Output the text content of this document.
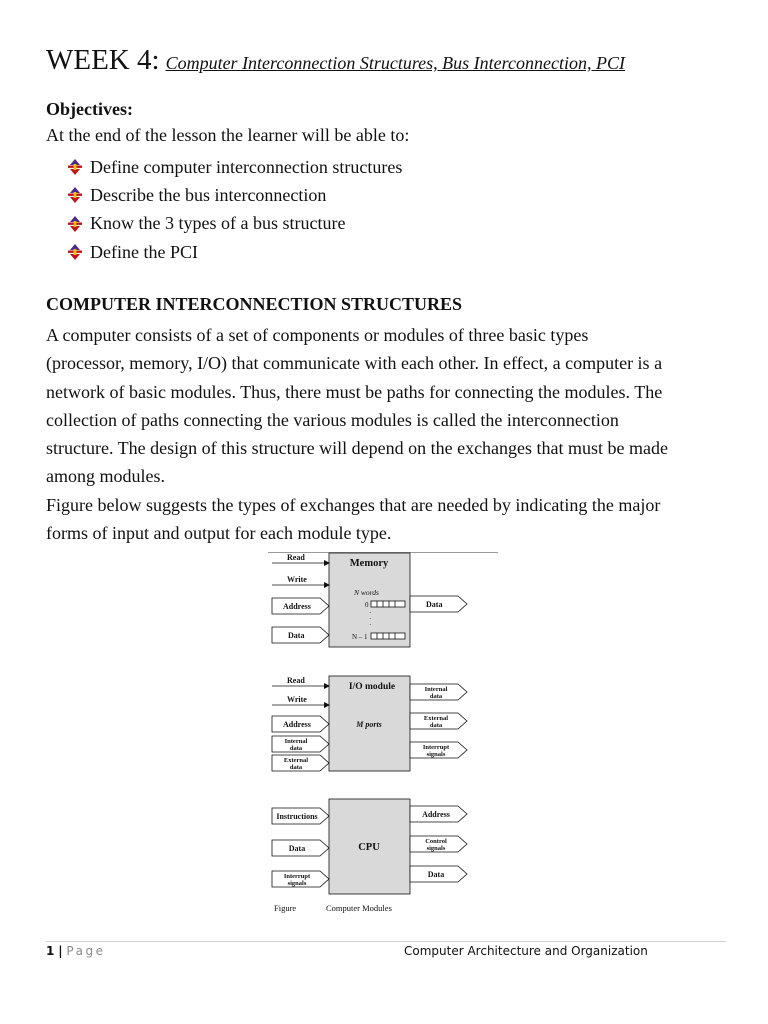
WEEK 4: Computer Interconnection Structures, Bus Interconnection, PCI
Objectives:
At the end of the lesson the learner will be able to:
Define computer interconnection structures
Describe the bus interconnection
Know the 3 types of a bus structure
Define the PCI
COMPUTER INTERCONNECTION STRUCTURES

A computer consists of a set of components or modules of three basic types
(processor, memory, I/O) that communicate with each other. In effect, a computer is a
network of basic modules. Thus, there must be paths for connecting the modules. The
collection of paths connecting the various modules is called the interconnection
structure. The design of this structure will depend on the exchanges that must be made
among modules.

Figure below suggests the types of exchanges that are needed by indicating the major
forms of input and output for each module type.

Memory
Read
Write
Address
Data
Data
N words
0
N – 1
·
·
·
I/O module
M ports
Read
Write
Address
Internal
data
External
data
Internal
data
External
data
Interrupt
signals
CPU
Instructions
Data
Interrupt
signals
Address
Control
signals
Data
Figure	Computer Modules
1 | Page	Computer Architecture and Organization
